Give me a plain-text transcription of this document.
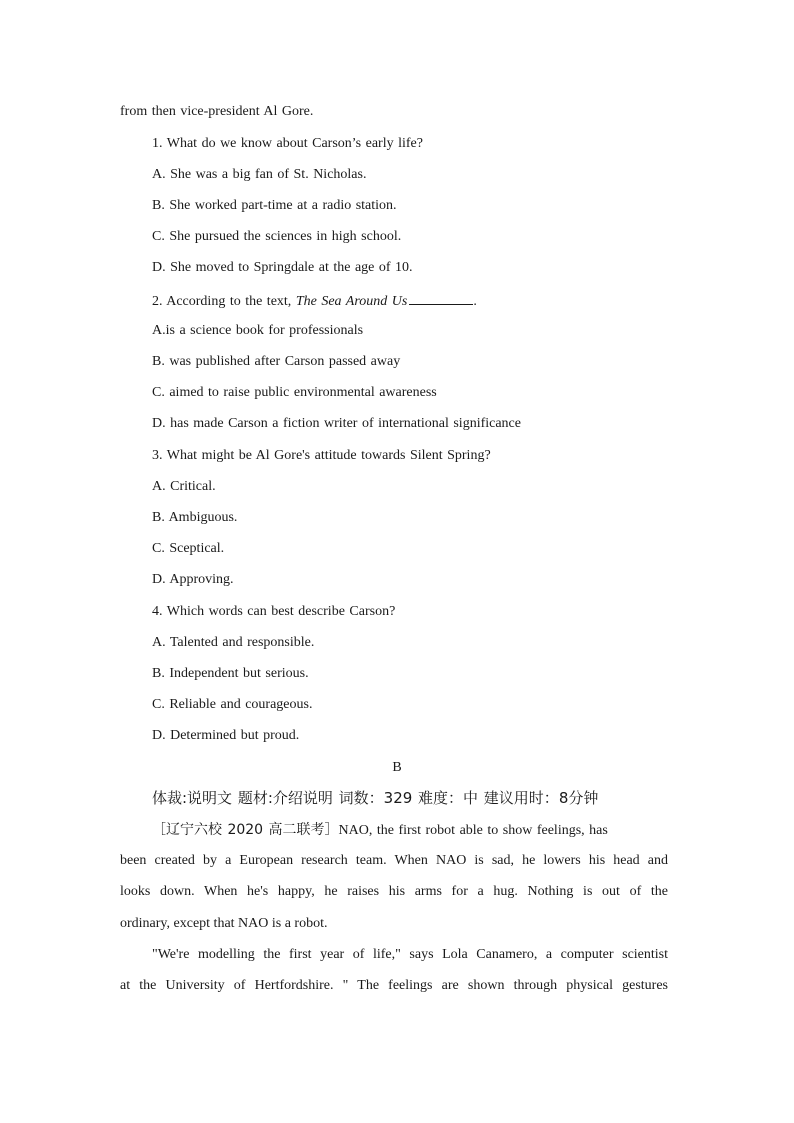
from then vice-president Al Gore.
1. What do we know about Carson’s early life?
A. She was a big fan of St. Nicholas.
B. She worked part-time at a radio station.
C. She pursued the sciences in high school.
D. She moved to Springdale at the age of 10.
2. According to the text, The Sea Around Us	.
A.is a science book for professionals
B. was published after Carson passed away
C. aimed to raise public environmental awareness
D. has made Carson a fiction writer of international significance
3. What might be Al Gore's attitude towards Silent Spring?
A. Critical.
B. Ambiguous.
C. Sceptical.
D. Approving.
4. Which words can best describe Carson?
A. Talented and responsible.
B. Independent but serious.
C. Reliable and courageous.
D. Determined but proud.
B
体裁:说明文 题材:介绍说明 词数：329 难度：中 建议用时：8分钟
［辽宁六校 2020 高二联考］NAO, the first robot able to show feelings, has
been created by a European research team. When NAO is sad, he lowers his head and
looks down. When he's happy, he raises his arms for a hug. Nothing is out of the
ordinary, except that NAO is a robot.
"We're modelling the first year of life," says Lola Canamero, a computer scientist
at the University of Hertfordshire. " The feelings are shown through physical gestures
